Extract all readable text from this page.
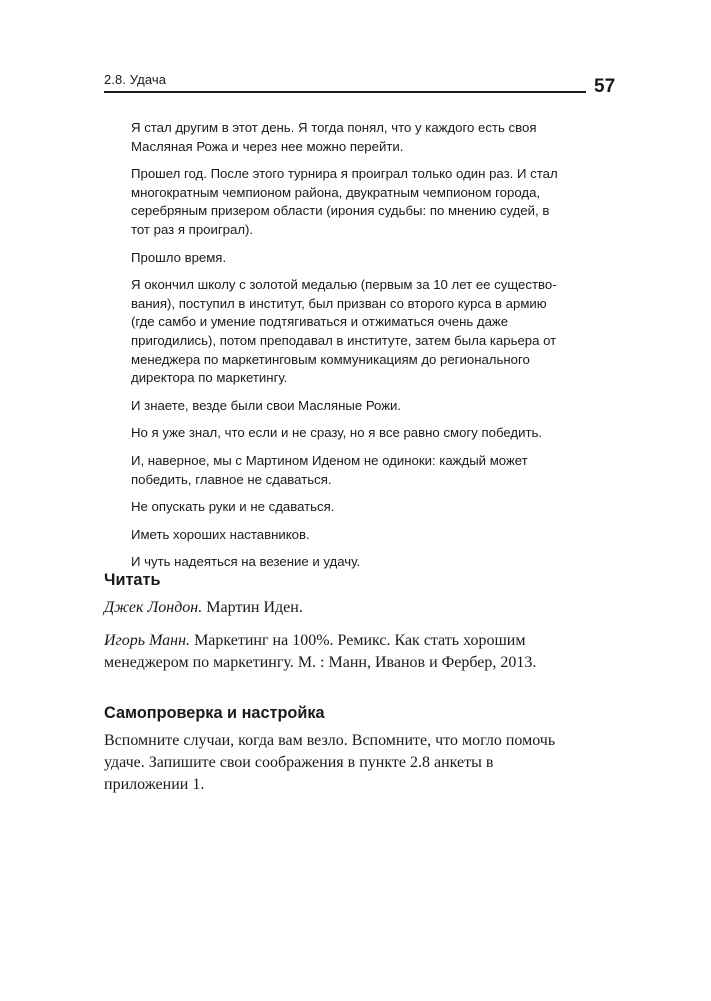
2.8. Удача	57

Я стал другим в этот день. Я тогда понял, что у каждого есть своя Масляная Рожа и через нее можно перейти.

Прошел год. После этого турнира я проиграл только один раз. И стал многократным чемпионом района, двукратным чемпионом города, серебряным призером области (ирония судьбы: по мнению судей, в тот раз я проиграл).

Прошло время.

Я окончил школу с золотой медалью (первым за 10 лет ее существования), поступил в институт, был призван со второго курса в армию (где самбо и умение подтягиваться и отжиматься очень даже пригодились), потом преподавал в институте, затем была карьера от менеджера по маркетинговым коммуникациям до регионального директора по маркетингу.

И знаете, везде были свои Масляные Рожи.

Но я уже знал, что если и не сразу, но я все равно смогу победить.

И, наверное, мы с Мартином Иденом не одиноки: каждый может победить, главное не сдаваться.

Не опускать руки и не сдаваться.

Иметь хороших наставников.

И чуть надеяться на везение и удачу.

Читать

Джек Лондон. Мартин Иден.

Игорь Манн. Маркетинг на 100%. Ремикс. Как стать хорошим менеджером по маркетингу. М. : Манн, Иванов и Фербер, 2013.

Самопроверка и настройка

Вспомните случаи, когда вам везло. Вспомните, что могло помочь удаче. Запишите свои соображения в пункте 2.8 анкеты в приложении 1.
